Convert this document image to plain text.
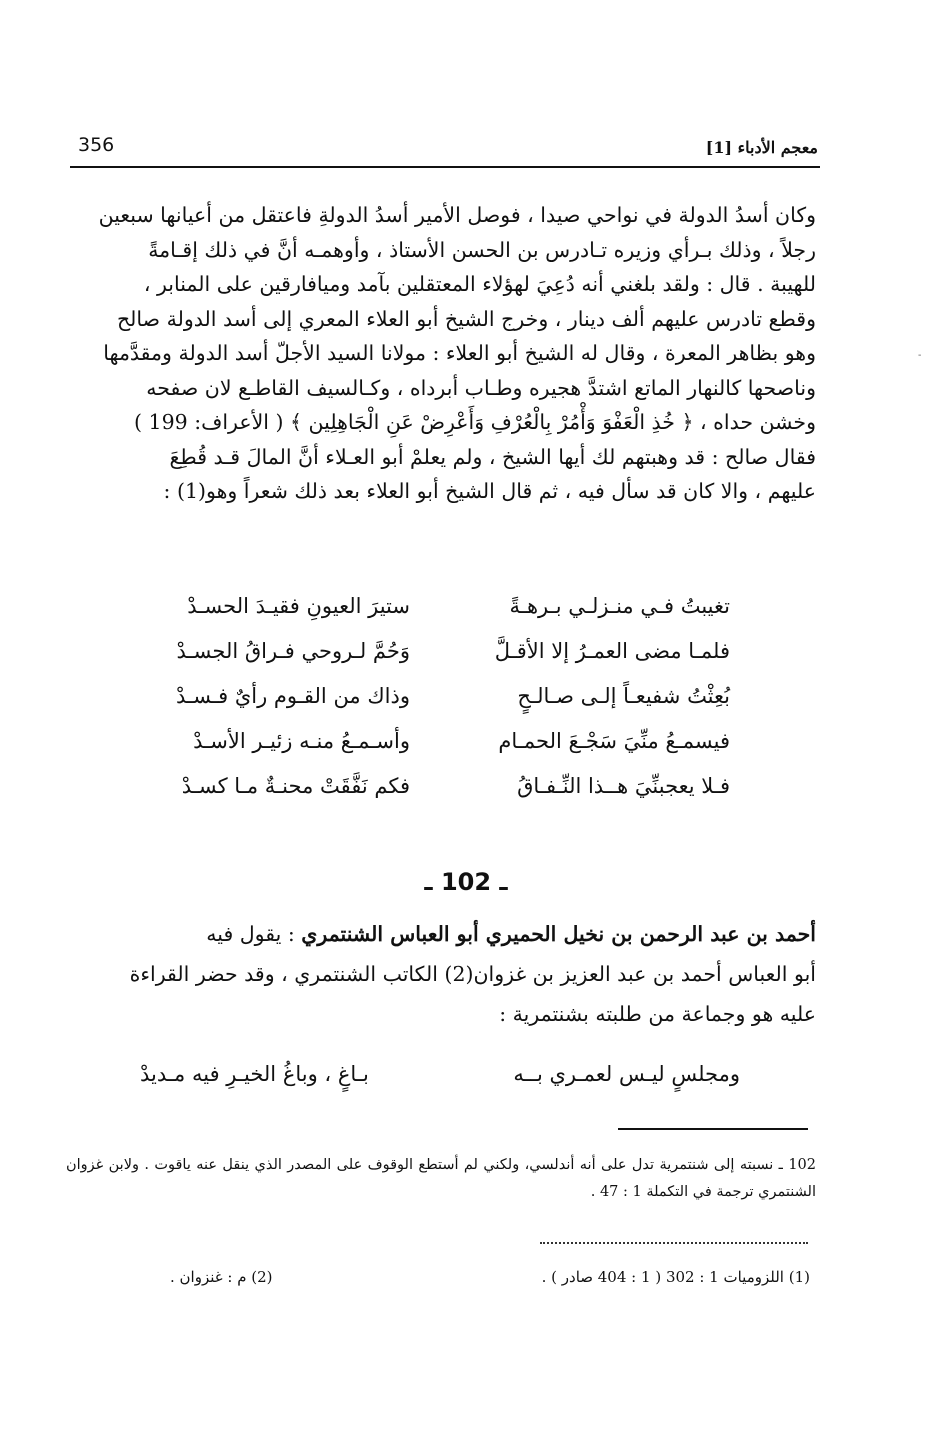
356	معجم الأدباء [1]

وكان أسدُ الدولة في نواحي صيدا ، فوصل الأمير أسدُ الدولةِ فاعتقل من أعيانها سبعين

رجلاً ، وذلك بـرأي وزيره تـادرس بن الحسن الأستاذ ، وأوهمـه أنَّ في ذلك إقـامةً

للهيبة . قال : ولقد بلغني أنه دُعِيَ لهؤلاء المعتقلين بآمد وميافارقين على المنابر ،

وقطع تادرس عليهم ألف دينار ، وخرج الشيخ أبو العلاء المعري إلى أسد الدولة صالح

وهو بظاهر المعرة ، وقال له الشيخ أبو العلاء : مولانا السيد الأجلّ أسد الدولة ومقدَّمها

وناصحها كالنهار الماتع اشتدَّ هجيره وطـاب أبرداه ، وكـالسيف القاطـع لان صفحه

وخشن حداه ، ﴿ خُذِ الْعَفْوَ وَأْمُرْ بِالْعُرْفِ وَأَعْرِضْ عَنِ الْجَاهِلِين ﴾ ( الأعراف: 199 )

فقال صالح : قد وهبتهم لك أيها الشيخ ، ولم يعلمْ أبو العـلاء أنَّ المالَ قـد قُطِعَ

عليهم ، والا كان قد سأل فيه ، ثم قال الشيخ أبو العلاء بعد ذلك شعراً وهو(1) :

تغيبتُ فـي منـزلـي بـرهـةً
ستيرَ العيونِ فقيـدَ الحسـدْ
فلمـا مضى العمـرُ إلا الأقـلَّ
وَحُمَّ لـروحي فـراقُ الجسـدْ
بُعِثْتُ شفيعـاً إلـى صـالـحٍ
وذاك من القـوم رأيٌ فـسـدْ
فيسمـعُ منِّيَ سَجْـعَ الحمـام
وأسـمـعُ منـه زئيـر الأسـدْ
فـلا يعجبنِّيَ هــذا النِّـفـاقُ
فكم نَفَّقَتْ محنـةٌ مـا كسـدْ
ـ 102 ـ

أحمد بن عبد الرحمن بن نخيل الحميري أبو العباس الشنتمري : يقول فيه

أبو العباس أحمد بن عبد العزيز بن غزوان(2) الكاتب الشنتمري ، وقد حضر القراءة

عليه هو وجماعة من طلبته بشنتمرية :

ومجلسٍ ليـس لعمـري بــه
بـاغٍ ، وباغُ الخيـرِ فيه مـديدْ
102 ـ نسبته إلى شنتمرية تدل على أنه أندلسي، ولكني لم أستطع الوقوف على المصدر الذي ينقل عنه ياقوت . ولابن غزوان الشنتمري ترجمة في التكملة 1 : 47 .
(1) اللزوميات 1 : 302 ( 1 : 404 صادر ) .
(2) م : غنزوان .
-
